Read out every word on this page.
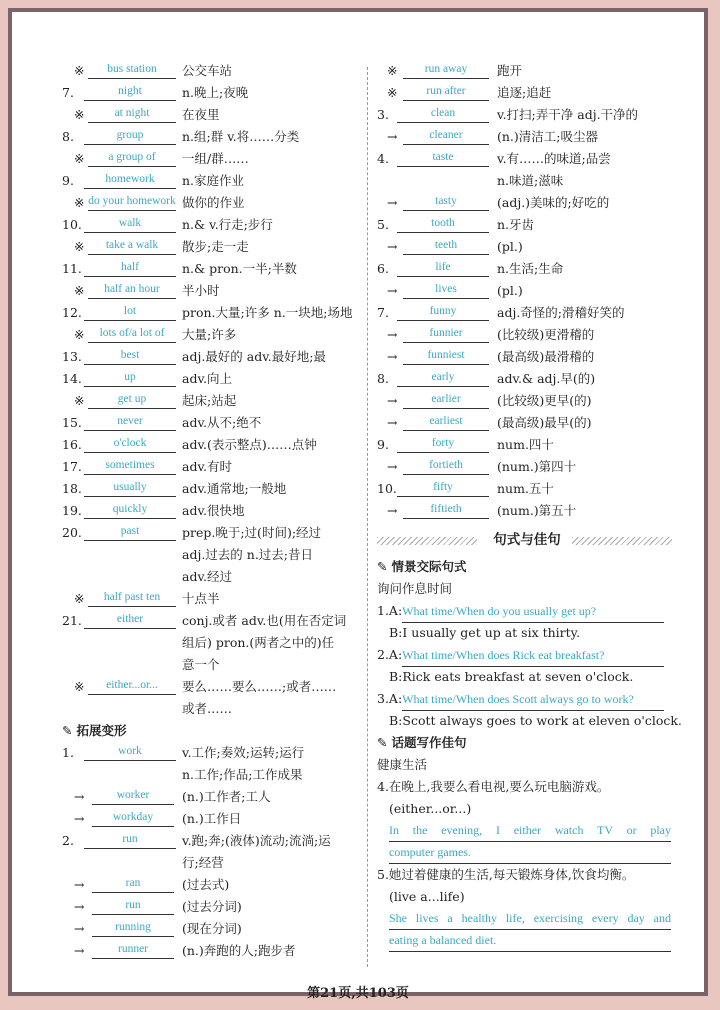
※	bus station	公交车站
7.	night	n.晚上;夜晚
※	at night	在夜里
8.	group	n.组;群 v.将……分类
※	a group of	一组/群……
9.	homework	n.家庭作业
※ do your homework 做你的作业
10.	walk	n.& v.行走;步行
※	take a walk	散步;走一走
11.	half	n.& pron.一半;半数
※	half an hour	半小时
12.	lot	pron.大量;许多 n.一块地;场地
※	lots of/a lot of	大量;许多
13.	best	adj.最好的 adv.最好地;最
14.	up	adv.向上
※	get up	起床;站起
15.	never	adv.从不;绝不
16.	o'clock	adv.(表示整点)……点钟
17.	sometimes	adv.有时
18.	usually	adv.通常地;一般地
19.	quickly	adv.很快地
20.	past	prep.晚于;过(时间);经过
adj.过去的 n.过去;昔日
adv.经过
※	half past ten	十点半
21.	either	conj.或者 adv.也(用在否定词
组后) pron.(两者之中的)任
意一个
※	either...or...	要么……要么……;或者……
或者……
✎ 拓展变形
1.	work	v.工作;奏效;运转;运行
n.工作;作品;工作成果
→	worker	(n.)工作者;工人
→	workday	(n.)工作日
2.	run	v.跑;奔;(液体)流动;流淌;运
行;经营
→	ran	(过去式)
→	run	(过去分词)
→	running	(现在分词)
→	runner	(n.)奔跑的人;跑步者
※	run away	跑开
※	run after	追逐;追赶
3.	clean	v.打扫;弄干净 adj.干净的
→	cleaner	(n.)清洁工;吸尘器
4.	taste	v.有……的味道;品尝
n.味道;滋味
→	tasty	(adj.)美味的;好吃的
5.	tooth	n.牙齿
→	teeth	(pl.)
6.	life	n.生活;生命
→	lives	(pl.)
7.	funny	adj.奇怪的;滑稽好笑的
→	funnier	(比较级)更滑稽的
→	funniest	(最高级)最滑稽的
8.	early	adv.& adj.早(的)
→	earlier	(比较级)更早(的)
→	earliest	(最高级)最早(的)
9.	forty	num.四十
→	fortieth	(num.)第四十
10.	fifty	num.五十
→	fiftieth	(num.)第五十
句式与佳句
✎ 情景交际句式
询问作息时间
1.A:What time/When do you usually get up?
B:I usually get up at six thirty.
2.A:What time/When does Rick eat breakfast?
B:Rick eats breakfast at seven o'clock.
3.A:What time/When does Scott always go to work?
B:Scott always goes to work at eleven o'clock.
✎ 话题写作佳句
健康生活
4.在晚上,我要么看电视,要么玩电脑游戏。
(either...or...)
In the evening, I either watch TV or play
computer games.
5.她过着健康的生活,每天锻炼身体,饮食均衡。
(live a...life)
She lives a healthy life, exercising every day and
eating a balanced diet.
第21页,共103页
